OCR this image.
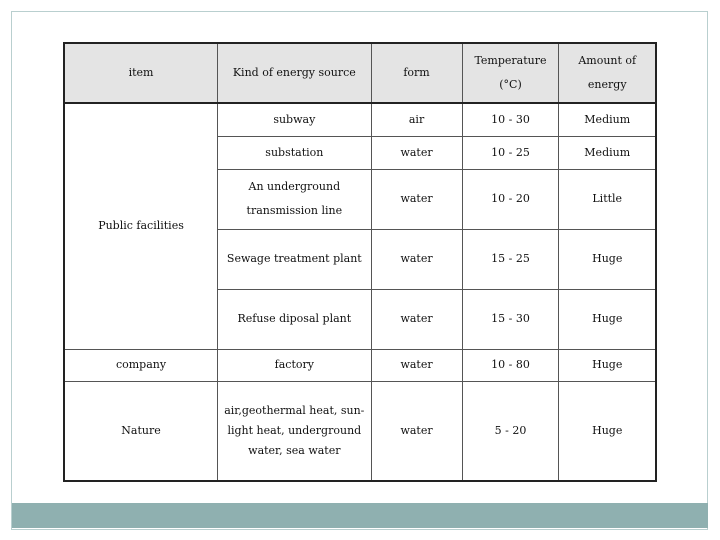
item	Kind of energy source	form	Temperature (°C)	Amount of energy
Public facilities	subway	air	10 - 30	Medium
	substation	water	10 - 25	Medium
	An underground transmission line	water	10 - 20	Little
	Sewage treatment plant	water	15 - 25	Huge
	Refuse diposal plant	water	15 - 30	Huge
company	factory	water	10 - 80	Huge
Nature	air,geothermal heat, sun-light heat, underground water, sea water	water	5 - 20	Huge
